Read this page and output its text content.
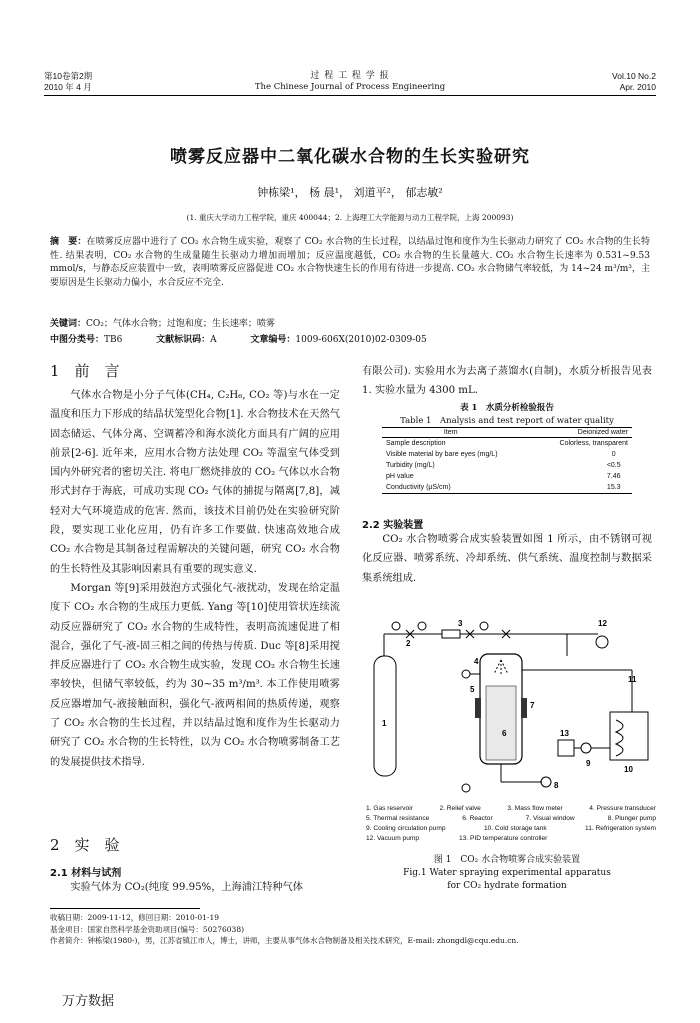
第10卷第2期
2010 年 4 月
过 程 工 程 学 报
The Chinese Journal of Process Engineering
Vol.10 No.2
Apr. 2010
喷雾反应器中二氧化碳水合物的生长实验研究
钟栋梁¹， 杨 晨¹， 刘道平²， 郁志敏²
(1. 重庆大学动力工程学院，重庆 400044；2. 上海理工大学能源与动力工程学院，上海 200093)
摘　要：在喷雾反应器中进行了 CO₂ 水合物生成实验，观察了 CO₂ 水合物的生长过程，以结晶过饱和度作为生长驱动力研究了 CO₂ 水合物的生长特性. 结果表明，CO₂ 水合物的生成量随生长驱动力增加而增加；反应温度越低，CO₂ 水合物的生长量越大. CO₂ 水合物生长速率为 0.531~9.53 mmol/s，与静态反应装置中一致，表明喷雾反应器促进 CO₂ 水合物快速生长的作用有待进一步提高. CO₂ 水合物储气率较低，为 14~24 m³/m³，主要原因是生长驱动力偏小，水合反应不完全.
关键词：CO₂；气体水合物；过饱和度；生长速率；喷雾
中图分类号：TB6	文献标识码：A	文章编号：1009-606X(2010)02-0309-05
1　前　言

气体水合物是小分子气体(CH₄, C₂H₆, CO₂ 等)与水在一定温度和压力下形成的结晶状笼型化合物[1]. 水合物技术在天然气固态储运、气体分离、空调蓄冷和海水淡化方面具有广阔的应用前景[2-6]. 近年来，应用水合物方法处理 CO₂ 等温室气体受到国内外研究者的密切关注. 将电厂燃烧排放的 CO₂ 气体以水合物形式封存于海底，可成功实现 CO₂ 气体的捕捉与隔离[7,8]，减轻对大气环境造成的危害. 然而，该技术目前仍处在实验研究阶段，要实现工业化应用，仍有许多工作要做. 快速高效地合成 CO₂ 水合物是其制备过程需解决的关键问题，研究 CO₂ 水合物的生长特性及其影响因素具有重要的现实意义.

Morgan 等[9]采用鼓泡方式强化气-液扰动，发现在给定温度下 CO₂ 水合物的生成压力更低. Yang 等[10]使用管状连续流动反应器研究了 CO₂ 水合物的生成特性，表明高流速促进了相混合，强化了气-液-固三相之间的传热与传质. Duc 等[8]采用搅拌反应器进行了 CO₂ 水合物生成实验，发现 CO₂ 水合物生长速率较快，但储气率较低，约为 30~35 m³/m³. 本工作使用喷雾反应器增加气-液接触面积，强化气-液两相间的热质传递，观察了 CO₂ 水合物的生长过程，并以结晶过饱和度作为生长驱动力研究了 CO₂ 水合物的生长特性，以为 CO₂ 水合物喷雾制备工艺的发展提供技术指导.

2　实　验
2.1 材料与试剂

实验气体为 CO₂(纯度 99.95%，上海浦江特种气体

有限公司). 实验用水为去离子蒸馏水(自制)，水质分析报告见表 1. 实验水量为 4300 mL.

表 1　水质分析检验报告
Table 1　Analysis and test report of water quality
Item	Deionized water
Sample description	Colorless, transparent
Visible material by bare eyes (mg/L)	0
Turbidity (mg/L)	<0.5
pH value	7.46
Conductivity (μS/cm)	15.3
2.2 实验装置

CO₂ 水合物喷雾合成实验装置如图 1 所示，由不锈钢可视化反应器、喷雾系统、冷却系统、供气系统、温度控制与数据采集系统组成.

1
2
3
4
5
6
7
8
9
10
11
12
13
1. Gas reservoir	2. Relief valve	3. Mass flow meter	4. Pressure transducer
5. Thermal resistance	6. Reactor	7. Visual window	8. Plunger pump
9. Cooling circulation pump	10. Cold storage tank	11. Refrigeration system
12. Vacuum pump	13. PID temperature controller
图 1　CO₂ 水合物喷雾合成实验装置
Fig.1 Water spraying experimental apparatus
for CO₂ hydrate formation
收稿日期：2009-11-12，修回日期：2010-01-19
基金项目：国家自然科学基金资助项目(编号：50276038)
作者简介：钟栋梁(1980-)，男，江苏省镇江市人，博士，讲师，主要从事气体水合物制备及相关技术研究，E-mail: zhongdl@cqu.edu.cn.
万方数据
